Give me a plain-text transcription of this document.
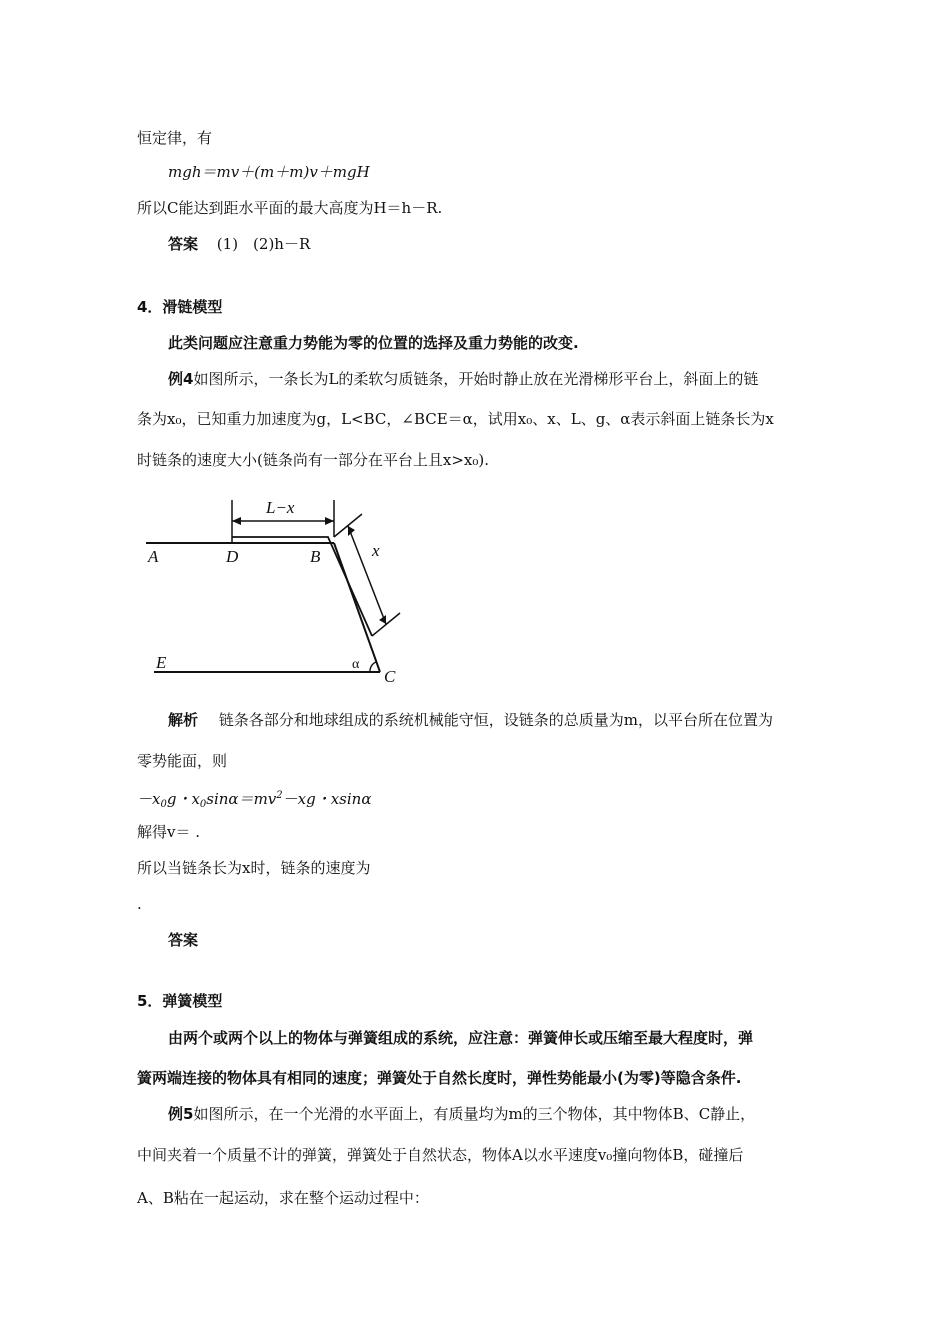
恒定律，有
mgh＝mv＋(m＋m)v＋mgH
所以C能达到距水平面的最大高度为H＝h－R.
答案 (1)　(2)h－R
4．滑链模型
此类问题应注意重力势能为零的位置的选择及重力势能的改变.
例4如图所示，一条长为L的柔软匀质链条，开始时静止放在光滑梯形平台上，斜面上的链
条为x₀，已知重力加速度为g，L<BC，∠BCE＝α，试用x₀、x、L、g、α表示斜面上链条长为x
时链条的速度大小(链条尚有一部分在平台上且x>x₀).
L−x
x
A	D	B
E
C
α
解析 链条各部分和地球组成的系统机械能守恒，设链条的总质量为m，以平台所在位置为
零势能面，则
$-x_0g$・$x_0\sin\alpha=mv^2-xg$・xsinα
解得v＝ .
所以当链条长为x时，链条的速度为
.
答案
5．弹簧模型
由两个或两个以上的物体与弹簧组成的系统，应注意：弹簧伸长或压缩至最大程度时，弹
簧两端连接的物体具有相同的速度；弹簧处于自然长度时，弹性势能最小(为零)等隐含条件.
例5如图所示，在一个光滑的水平面上，有质量均为m的三个物体，其中物体B、C静止，
中间夹着一个质量不计的弹簧，弹簧处于自然状态，物体A以水平速度v₀撞向物体B，碰撞后
A、B粘在一起运动，求在整个运动过程中：
